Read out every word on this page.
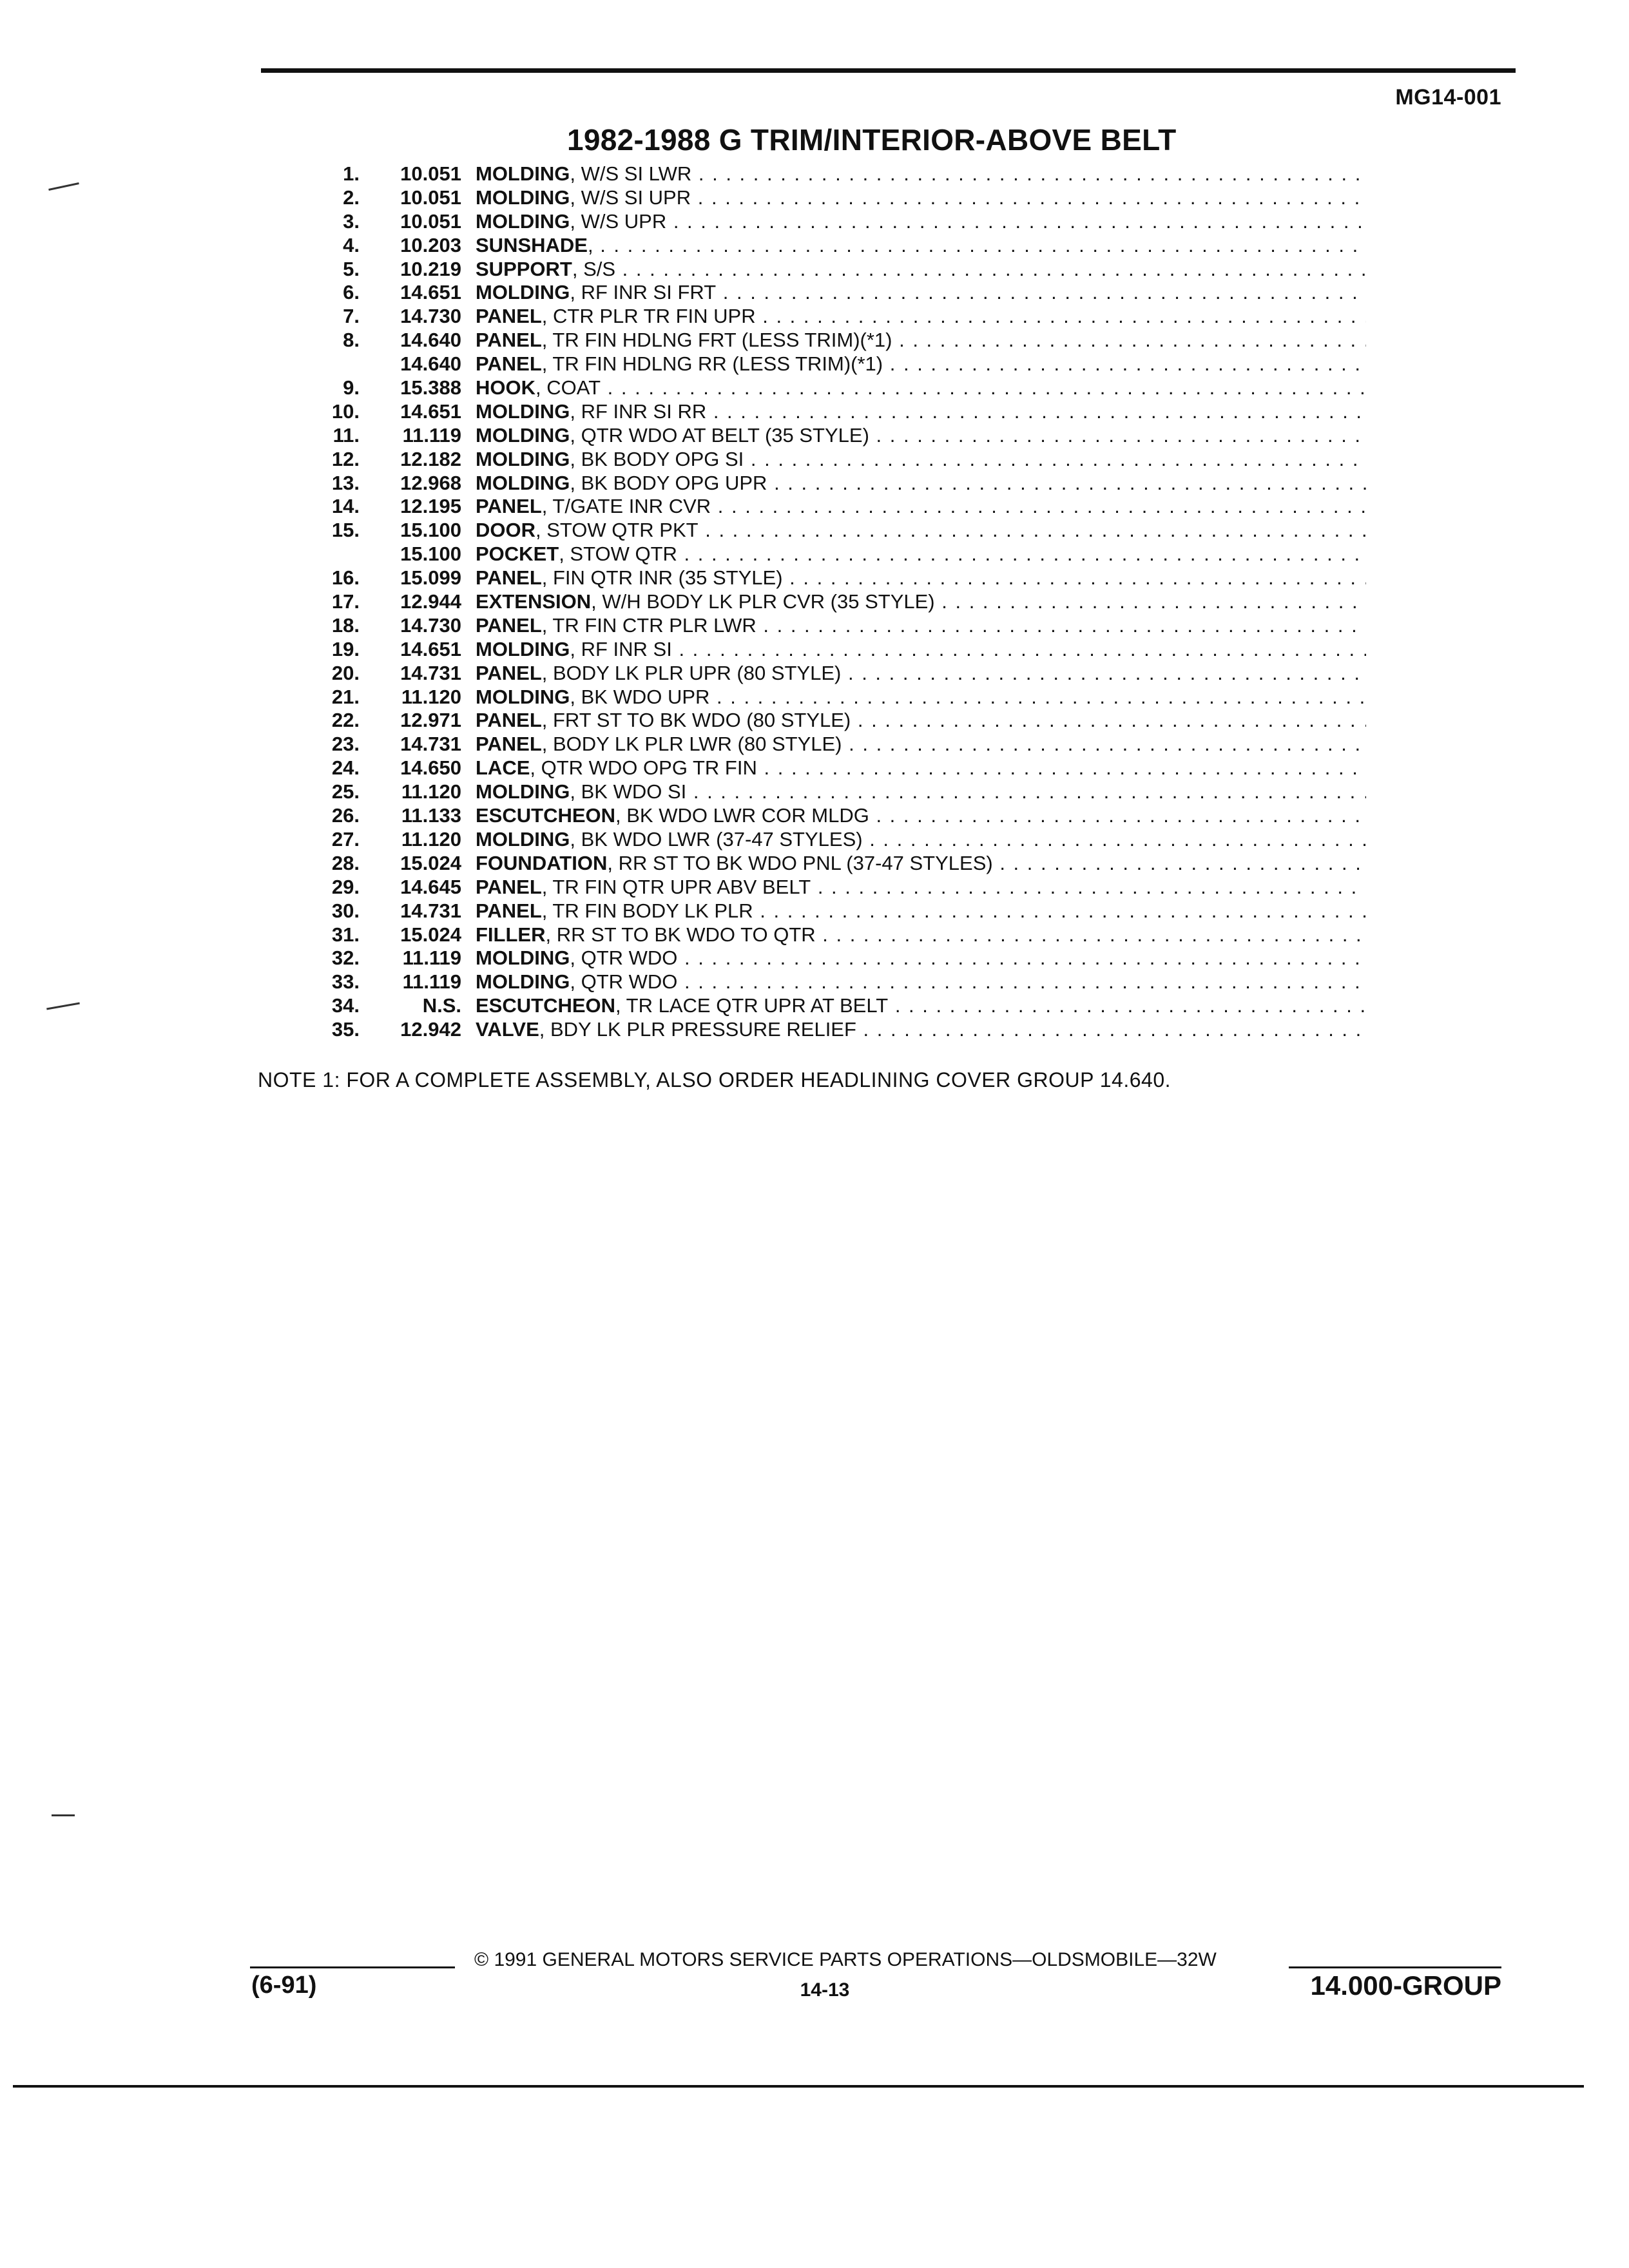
MG14-001
1982-1988 G TRIM/INTERIOR-ABOVE BELT
1.	10.051 MOLDING, W/S SI LWR . . .
2.	10.051 MOLDING, W/S SI UPR . . .
3.	10.051 MOLDING, W/S UPR . . .
4.	10.203 SUNSHADE, . . .
5.	10.219 SUPPORT, S/S . . .
6.	14.651 MOLDING, RF INR SI FRT . . .
7.	14.730 PANEL, CTR PLR TR FIN UPR . . .
8.	14.640 PANEL, TR FIN HDLNG FRT (LESS TRIM)(*1) . . .
14.640 PANEL, TR FIN HDLNG RR (LESS TRIM)(*1) . . .
9.	15.388 HOOK, COAT . . .
10.	14.651 MOLDING, RF INR SI RR . . .
11.	11.119 MOLDING, QTR WDO AT BELT (35 STYLE) . . .
12.	12.182 MOLDING, BK BODY OPG SI . . .
13.	12.968 MOLDING, BK BODY OPG UPR . . .
14.	12.195 PANEL, T/GATE INR CVR . . .
15.	15.100 DOOR, STOW QTR PKT . . .
15.100 POCKET, STOW QTR . . .
16.	15.099 PANEL, FIN QTR INR (35 STYLE) . . .
17.	12.944 EXTENSION, W/H BODY LK PLR CVR (35 STYLE) . . .
18.	14.730 PANEL, TR FIN CTR PLR LWR . . .
19.	14.651 MOLDING, RF INR SI . . .
20.	14.731 PANEL, BODY LK PLR UPR (80 STYLE) . . .
21.	11.120 MOLDING, BK WDO UPR . . .
22.	12.971 PANEL, FRT ST TO BK WDO (80 STYLE) . . .
23.	14.731 PANEL, BODY LK PLR LWR (80 STYLE) . . .
24.	14.650 LACE, QTR WDO OPG TR FIN . . .
25.	11.120 MOLDING, BK WDO SI . . .
26.	11.133 ESCUTCHEON, BK WDO LWR COR MLDG . . .
27.	11.120 MOLDING, BK WDO LWR (37-47 STYLES) . . .
28.	15.024 FOUNDATION, RR ST TO BK WDO PNL (37-47 STYLES) . . .
29.	14.645 PANEL, TR FIN QTR UPR ABV BELT . . .
30.	14.731 PANEL, TR FIN BODY LK PLR . . .
31.	15.024 FILLER, RR ST TO BK WDO TO QTR . . .
32.	11.119 MOLDING, QTR WDO . . .
33.	11.119 MOLDING, QTR WDO . . .
34.	N.S. ESCUTCHEON, TR LACE QTR UPR AT BELT . . .
35.	12.942 VALVE, BDY LK PLR PRESSURE RELIEF . . .
NOTE 1: FOR A COMPLETE ASSEMBLY, ALSO ORDER HEADLINING COVER GROUP 14.640.
© 1991 GENERAL MOTORS SERVICE PARTS OPERATIONS—OLDSMOBILE—32W
(6-91)	14-13	14.000-GROUP
